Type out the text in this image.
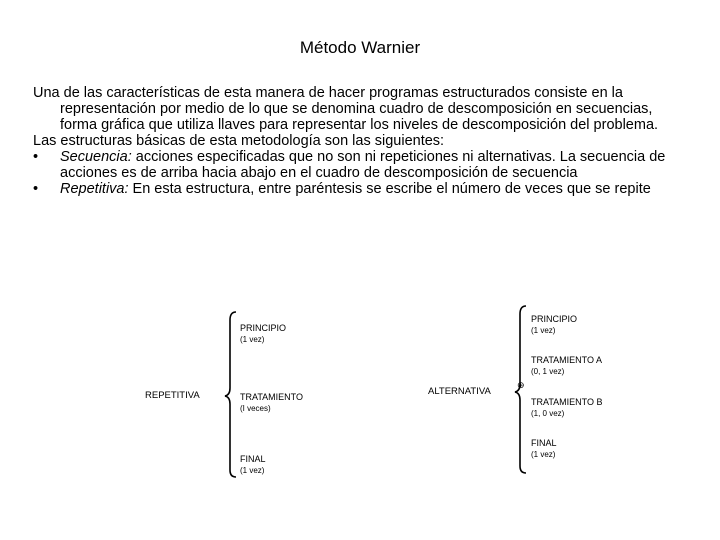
Método Warnier

Una de las características de esta manera de hacer programas estructurados consiste en la representación por medio de lo que se denomina cuadro de descomposición en secuencias, forma gráfica que utiliza llaves para representar los niveles de descomposición del problema.

Las estructuras básicas de esta metodología son las siguientes:

• Secuencia: acciones especificadas que no son ni repeticiones ni alternativas. La secuencia de acciones es de arriba hacia abajo en el cuadro de descomposición de secuencia
• Repetitiva: En esta estructura, entre paréntesis se escribe el número de veces que se repite
REPETITIVA
PRINCIPIO
(1 vez)
TRATAMIENTO
(I veces)
FINAL
(1 vez)
ALTERNATIVA
PRINCIPIO
(1 vez)
TRATAMIENTO A
(0, 1 vez)
⊕
TRATAMIENTO B
(1, 0 vez)
FINAL
(1 vez)
